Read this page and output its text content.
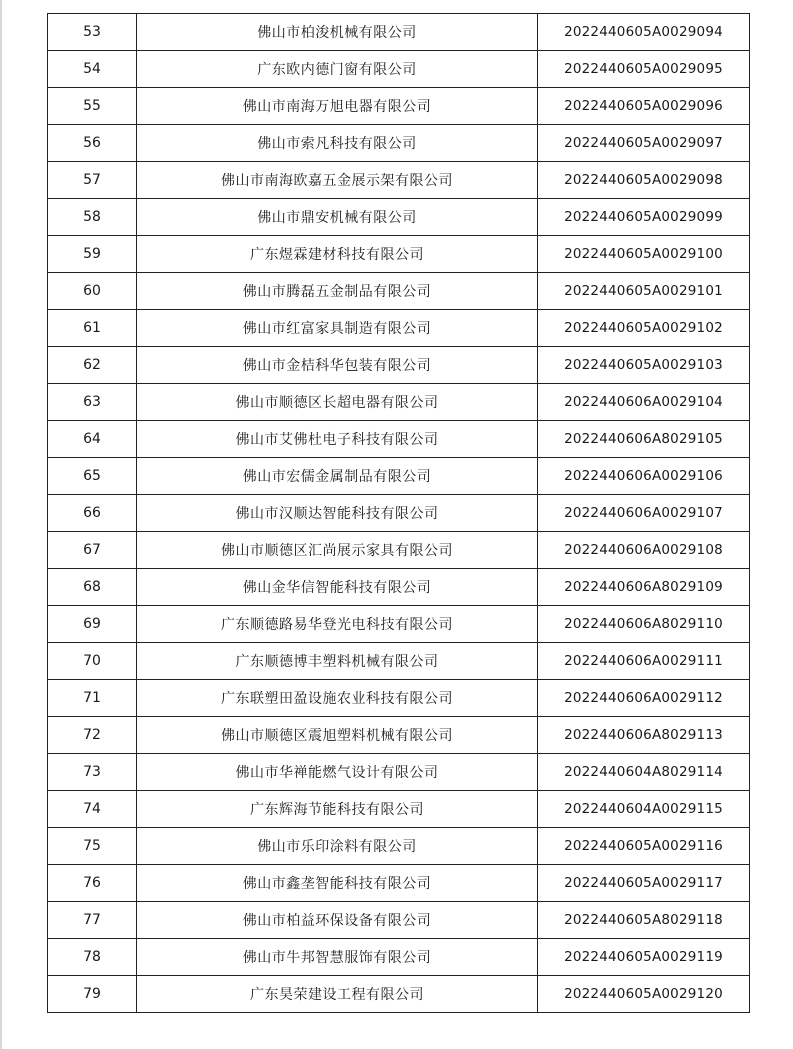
53	佛山市柏浚机械有限公司	2022440605A0029094
54	广东欧内德门窗有限公司	2022440605A0029095
55	佛山市南海万旭电器有限公司	2022440605A0029096
56	佛山市索凡科技有限公司	2022440605A0029097
57	佛山市南海欧嘉五金展示架有限公司	2022440605A0029098
58	佛山市鼎安机械有限公司	2022440605A0029099
59	广东煜霖建材科技有限公司	2022440605A0029100
60	佛山市腾磊五金制品有限公司	2022440605A0029101
61	佛山市红富家具制造有限公司	2022440605A0029102
62	佛山市金桔科华包装有限公司	2022440605A0029103
63	佛山市顺德区长超电器有限公司	2022440606A0029104
64	佛山市艾佛杜电子科技有限公司	2022440606A8029105
65	佛山市宏儒金属制品有限公司	2022440606A0029106
66	佛山市汉顺达智能科技有限公司	2022440606A0029107
67	佛山市顺德区汇尚展示家具有限公司	2022440606A0029108
68	佛山金华信智能科技有限公司	2022440606A8029109
69	广东顺德路易华登光电科技有限公司	2022440606A8029110
70	广东顺德博丰塑料机械有限公司	2022440606A0029111
71	广东联塑田盈设施农业科技有限公司	2022440606A0029112
72	佛山市顺德区震旭塑料机械有限公司	2022440606A8029113
73	佛山市华禅能燃气设计有限公司	2022440604A8029114
74	广东辉海节能科技有限公司	2022440604A0029115
75	佛山市乐印涂料有限公司	2022440605A0029116
76	佛山市鑫垄智能科技有限公司	2022440605A0029117
77	佛山市柏益环保设备有限公司	2022440605A8029118
78	佛山市牛邦智慧服饰有限公司	2022440605A0029119
79	广东昊荣建设工程有限公司	2022440605A0029120
